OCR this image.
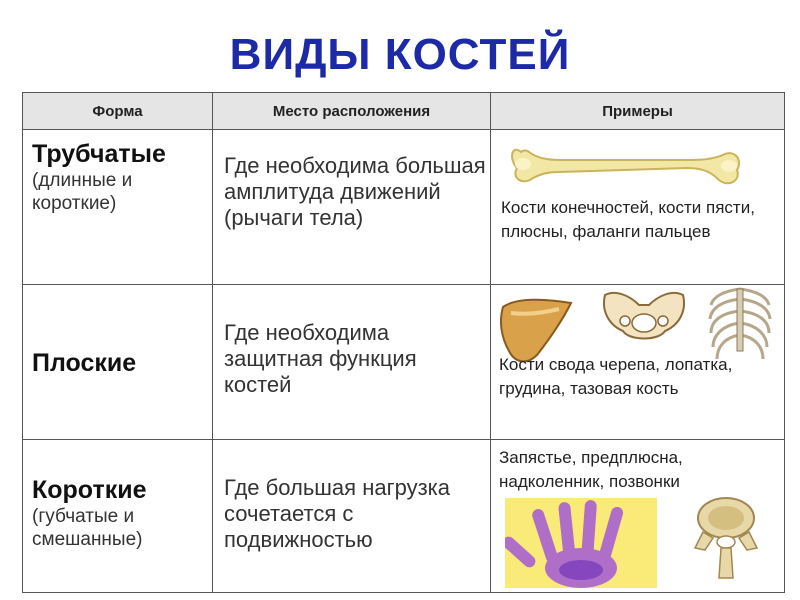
ВИДЫ КОСТЕЙ
Форма	Место расположения	Примеры

Трубчатые
(длинные и короткие)	Где необходима большая амплитуда движений (рычаги тела)	Кости конечностей, кости пясти, плюсны, фаланги пальцев

Плоские	Где необходима защитная функция костей	Кости свода черепа, лопатка, грудина, тазовая кость

Короткие
(губчатые и смешанные)	Где большая нагрузка сочетается с подвижностью	Запястье, предплюсна, надколенник, позвонки
